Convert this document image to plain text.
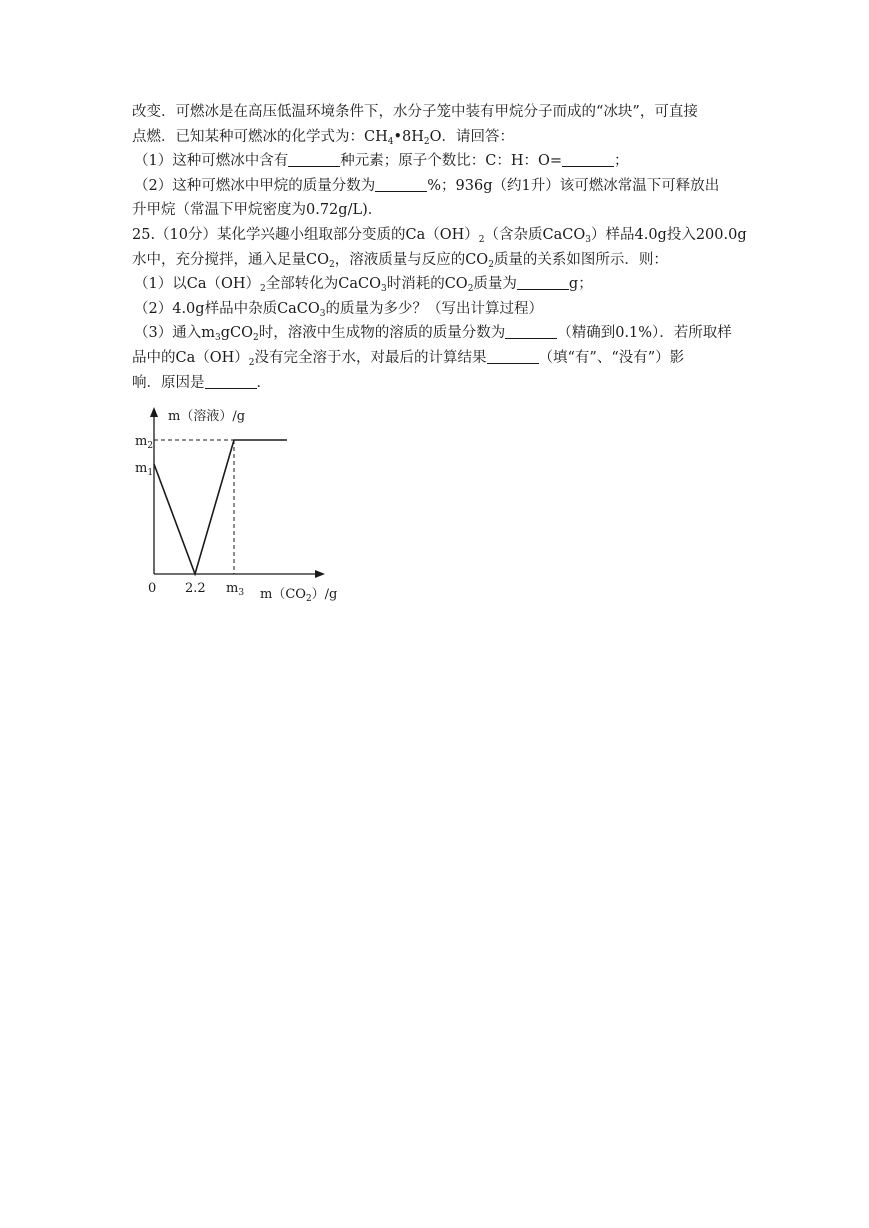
改变．可燃冰是在高压低温环境条件下，水分子笼中装有甲烷分子而成的“冰块”，可直接
点燃．已知某种可燃冰的化学式为：$CH_4•8H_2O$．请回答：
（1）这种可燃冰中含有	种元素；原子个数比：C：H：O=	；
（2）这种可燃冰中甲烷的质量分数为	%；936g（约1升）该可燃冰常温下可释放出
升甲烷（常温下甲烷密度为0.72g/L)．
25.（10分）某化学兴趣小组取部分变质的$Ca(OH)_2$（含杂质CaCO$_3$）样品4.0g投入200.0g
水中，充分搅拌，通入足量$CO_2$，溶液质量与反应的$CO_2$质量的关系如图所示．则：
（1）以$Ca(OH)_2$全部转化为CaCO$_3$时消耗的$CO_2$质量为	g；
（2）4.0g样品中杂质CaCO$_3$的质量为多少？（写出计算过程）
（3）通入$m_3gCO_2$时，溶液中生成物的溶质的质量分数为	（精确到0.1%）．若所取样
品中的$Ca(OH)_2$没有完全溶于水，对最后的计算结果	（填“有”、“没有”）影
响．原因是	．
m（溶液）/g
$m_2$
$m_1$
0 2.2 $m_3$ $m(CO_2)/g$
